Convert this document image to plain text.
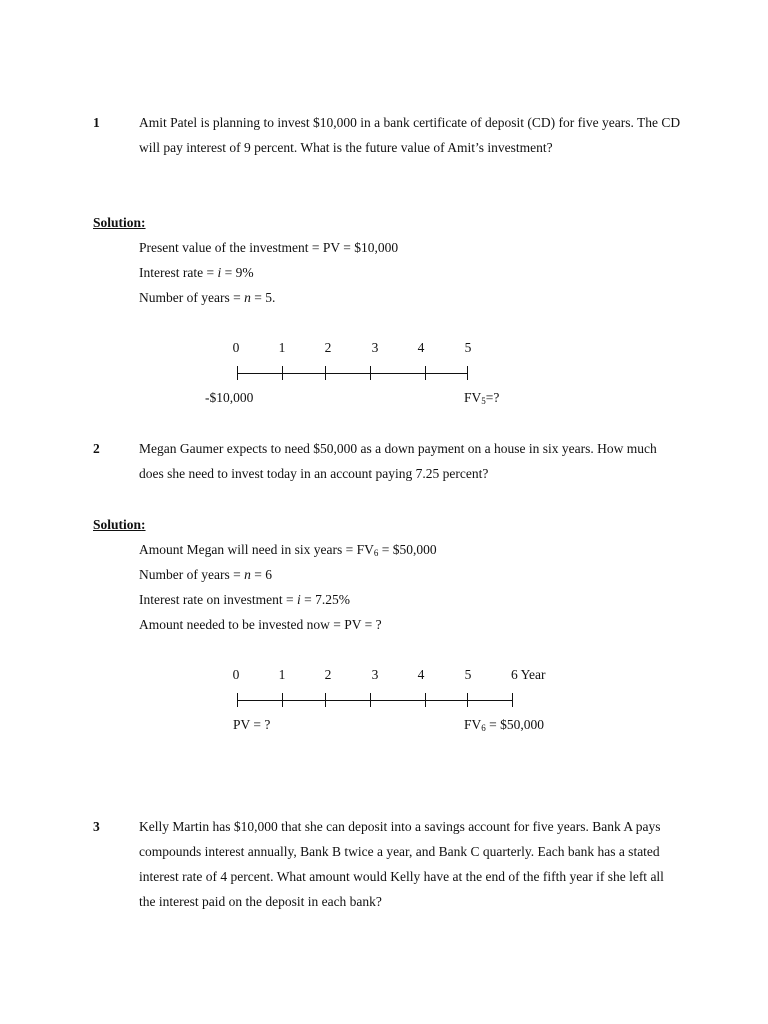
1	Amit Patel is planning to invest $10,000 in a bank certificate of deposit (CD) for five years. The CD will pay interest of 9 percent. What is the future value of Amit’s investment?
Solution:
Present value of the investment = PV = $10,000
Interest rate = i = 9%
Number of years = n = 5.
0	1	2	3	4	5
-$10,000	$FV_5=$?
2	Megan Gaumer expects to need $50,000 as a down payment on a house in six years. How much does she need to invest today in an account paying 7.25 percent?
Solution:
Amount Megan will need in six years = $FV_6$ = $50,000
Number of years = n = 6
Interest rate on investment = i = 7.25%
Amount needed to be invested now = PV = ?
0	1	2	3	4	5	6 Year
PV = ?	$FV_6$ = $50,000
3	Kelly Martin has $10,000 that she can deposit into a savings account for five years. Bank A pays compounds interest annually, Bank B twice a year, and Bank C quarterly. Each bank has a stated interest rate of 4 percent. What amount would Kelly have at the end of the fifth year if she left all the interest paid on the deposit in each bank?
